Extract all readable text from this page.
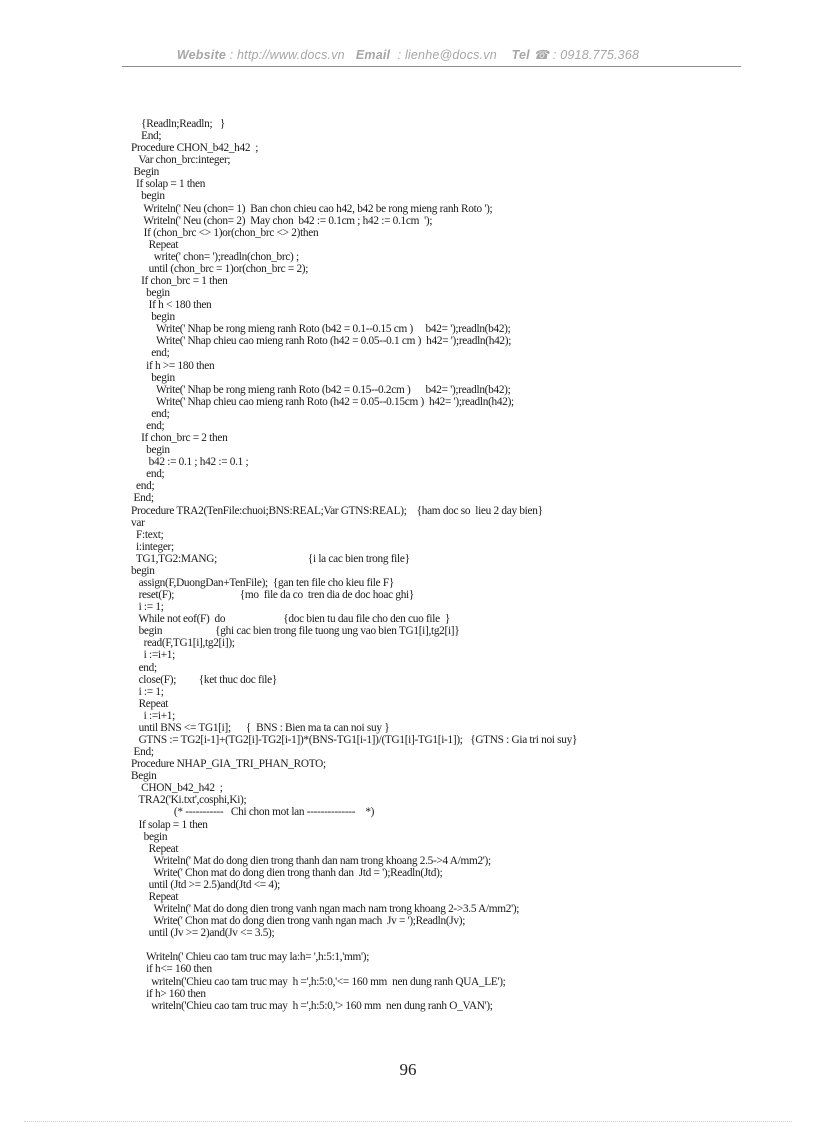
Website : http://www.docs.vn Email : lienhe@docs.vn Tel ☎ : 0918.775.368
{Readln;Readln;   }
End;
Procedure CHON_b42_h42  ;
Var chon_brc:integer;
Begin
If solap = 1 then
begin
Writeln(' Neu (chon= 1)  Ban chon chieu cao h42, b42 be rong mieng ranh Roto ');
Writeln(' Neu (chon= 2)  May chon  b42 := 0.1cm ; h42 := 0.1cm  ');
If (chon_brc <> 1)or(chon_brc <> 2)then
Repeat
write(' chon= ');readln(chon_brc) ;
until (chon_brc = 1)or(chon_brc = 2);
If chon_brc = 1 then
begin
If h < 180 then
begin
Write(' Nhap be rong mieng ranh Roto (b42 = 0.1--0.15 cm )     b42= ');readln(b42);
Write(' Nhap chieu cao mieng ranh Roto (h42 = 0.05--0.1 cm )  h42= ');readln(h42);
end;
if h >= 180 then
begin
Write(' Nhap be rong mieng ranh Roto (b42 = 0.15--0.2cm )      b42= ');readln(b42);
Write(' Nhap chieu cao mieng ranh Roto (h42 = 0.05--0.15cm )  h42= ');readln(h42);
end;
end;
If chon_brc = 2 then
begin
b42 := 0.1 ; h42 := 0.1 ;
end;
end;
End;
Procedure TRA2(TenFile:chuoi;BNS:REAL;Var GTNS:REAL);    {ham doc so  lieu 2 day bien}
var
F:text;
i:integer;
TG1,TG2:MANG;                                    {i la cac bien trong file}
begin
assign(F,DuongDan+TenFile);  {gan ten file cho kieu file F}
reset(F);                          {mo  file da co  tren dia de doc hoac ghi}
i := 1;
While not eof(F)  do                       {doc bien tu dau file cho den cuo file  }
begin                     {ghi cac bien trong file tuong ung vao bien TG1[i],tg2[i]}
read(F,TG1[i],tg2[i]);
i :=i+1;
end;
close(F);         {ket thuc doc file}
i := 1;
Repeat
i :=i+1;
until BNS <= TG1[i];      {  BNS : Bien ma ta can noi suy }
GTNS := TG2[i-1]+(TG2[i]-TG2[i-1])*(BNS-TG1[i-1])/(TG1[i]-TG1[i-1]);   {GTNS : Gia tri noi suy}
End;
Procedure NHAP_GIA_TRI_PHAN_ROTO;
Begin
CHON_b42_h42  ;
TRA2('Ki.txt',cosphi,Ki);
(* -----------   Chi chon mot lan --------------    *)
If solap = 1 then
begin
Repeat
Writeln(' Mat do dong dien trong thanh dan nam trong khoang 2.5->4 A/mm2');
Write(' Chon mat do dong dien trong thanh dan  Jtd = ');Readln(Jtd);
until (Jtd >= 2.5)and(Jtd <= 4);
Repeat
Writeln(' Mat do dong dien trong vanh ngan mach nam trong khoang 2->3.5 A/mm2');
Write(' Chon mat do dong dien trong vanh ngan mach  Jv = ');Readln(Jv);
until (Jv >= 2)and(Jv <= 3.5);
Writeln(' Chieu cao tam truc may la:h= ',h:5:1,'mm');
if h<= 160 then
writeln('Chieu cao tam truc may  h =',h:5:0,'<= 160 mm  nen dung ranh QUA_LE');
if h> 160 then
writeln('Chieu cao tam truc may  h =',h:5:0,'> 160 mm  nen dung ranh O_VAN');
96
